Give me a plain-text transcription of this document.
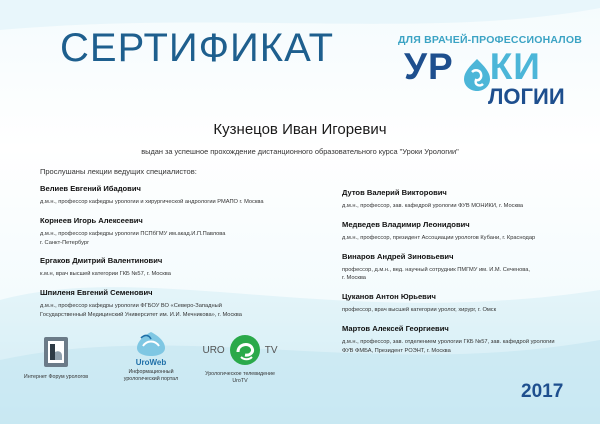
СЕРТИФИКАТ	ДЛЯ ВРАЧЕЙ-ПРОФЕССИОНАЛОВ
УР КИ
ЛОГИИ
Кузнецов Иван Игоревич
выдан за успешное прохождение дистанционного образовательного курса "Уроки Урологии"
Прослушаны лекции ведущих специалистов:
Велиев Евгений Ибадович
д.м.н., профессор кафедры урологии и хирургической андрологии РМАПО г. Москва
Корнеев Игорь Алексеевич
д.м.н., профессор кафедры урологии ПСПбГМУ им.акад.И.П.Павлова
г. Санкт-Петербург
Ергаков Дмитрий Валентинович
к.м.н, врач высшей категории ГКБ №57, г. Москва
Шпиленя Евгений Семенович
д.м.н., профессор кафедры урологии ФГБОУ ВО «Северо-Западный
Государственный Медицинский Университет им. И.И. Мечникова», г. Москва
Дутов Валерий Викторович
д.м.н., профессор, зав. кафедрой урологии ФУВ МОНИКИ, г. Москва
Медведев Владимир Леонидович
д.м.н., профессор, президент Ассоциации урологов Кубани, г. Краснодар
Винаров Андрей Зиновьевич
профессор, д.м.н., вед. научный сотрудник ПМГМУ им. И.М. Сеченова,
г. Москва
Цуканов Антон Юрьевич
профессор, врач высшей категории уролог, хирург, г. Омск
Мартов Алексей Георгиевич
д.м.н., профессор, зав. отделением урологии ГКБ №57, зав. кафедрой урологии
ФУВ ФМБА, Президент РОЭНТ, г. Москва
Интернет Форум урологов
UroWeb
Информационный
урологический портал
URO	TV
Урологическое телевидение
UroTV
2017
